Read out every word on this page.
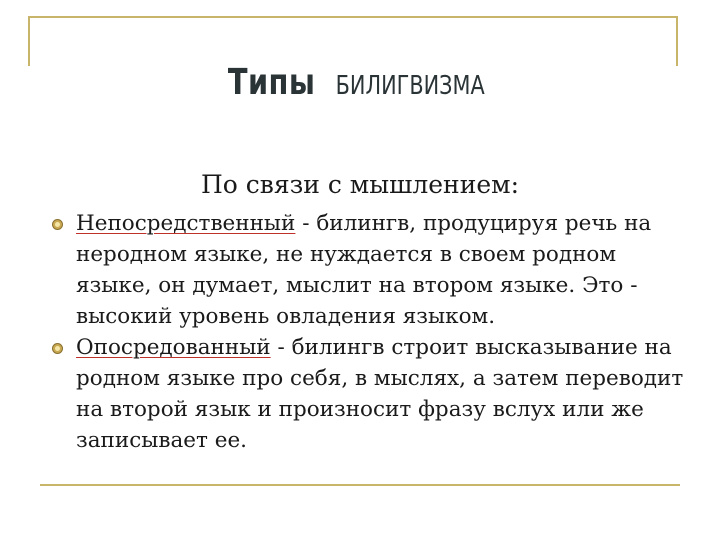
Типы БИЛИГВИЗМА
По связи с мышлением:
Непосредственный - билингв, продуцируя речь на неродном языке, не нуждается в своем родном языке, он думает, мыслит на втором языке. Это - высокий уровень овладения языком.
Опосредованный - билингв строит высказывание на родном языке про себя, в мыслях, а затем переводит на второй язык и произносит фразу вслух или же записывает ее.
